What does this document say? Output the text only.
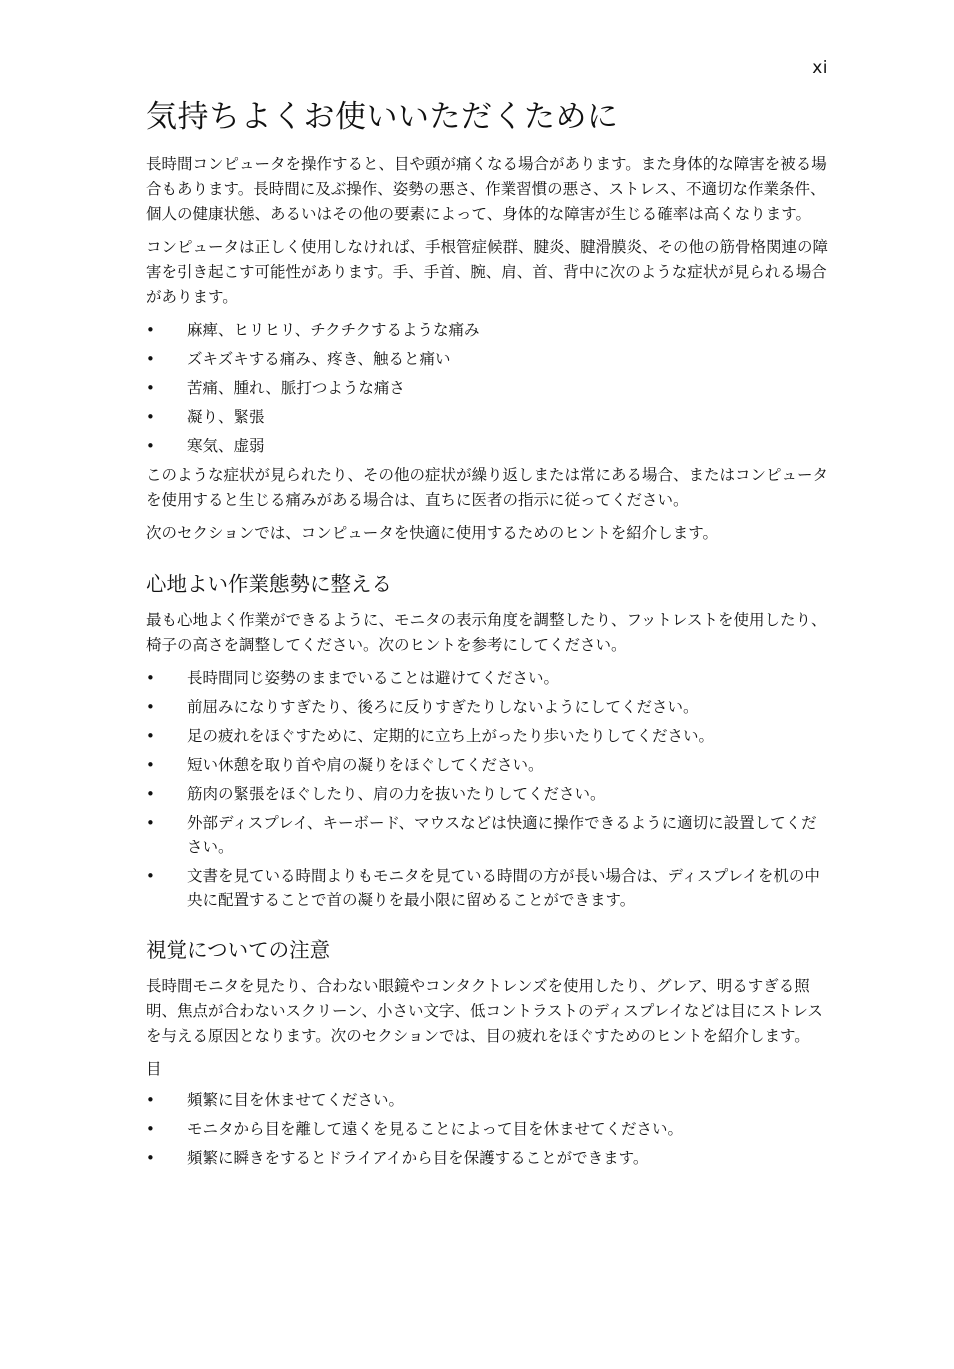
xi
気持ちよくお使いいただくために

長時間コンピュータを操作すると、目や頭が痛くなる場合があります。また身体的な障害を被る場合もあります。長時間に及ぶ操作、姿勢の悪さ、作業習慣の悪さ、ストレス、不適切な作業条件、個人の健康状態、あるいはその他の要素によって、身体的な障害が生じる確率は高くなります。

コンピュータは正しく使用しなければ、手根管症候群、腱炎、腱滑膜炎、その他の筋骨格関連の障害を引き起こす可能性があります。手、手首、腕、肩、首、背中に次のような症状が見られる場合があります。

• 麻痺、ヒリヒリ、チクチクするような痛み
• ズキズキする痛み、疼き、触ると痛い
• 苦痛、腫れ、脈打つような痛さ
• 凝り、緊張
• 寒気、虚弱

このような症状が見られたり、その他の症状が繰り返しまたは常にある場合、またはコンピュータを使用すると生じる痛みがある場合は、直ちに医者の指示に従ってください。

次のセクションでは、コンピュータを快適に使用するためのヒントを紹介します。

心地よい作業態勢に整える

最も心地よく作業ができるように、モニタの表示角度を調整したり、フットレストを使用したり、椅子の高さを調整してください。次のヒントを参考にしてください。

• 長時間同じ姿勢のままでいることは避けてください。
• 前屈みになりすぎたり、後ろに反りすぎたりしないようにしてください。
• 足の疲れをほぐすために、定期的に立ち上がったり歩いたりしてください。
• 短い休憩を取り首や肩の凝りをほぐしてください。
• 筋肉の緊張をほぐしたり、肩の力を抜いたりしてください。
• 外部ディスプレイ、キーボード、マウスなどは快適に操作できるように適切に設置してください。
• 文書を見ている時間よりもモニタを見ている時間の方が長い場合は、ディスプレイを机の中央に配置することで首の凝りを最小限に留めることができます。
視覚についての注意

長時間モニタを見たり、合わない眼鏡やコンタクトレンズを使用したり、グレア、明るすぎる照明、焦点が合わないスクリーン、小さい文字、低コントラストのディスプレイなどは目にストレスを与える原因となります。次のセクションでは、目の疲れをほぐすためのヒントを紹介します。

目

• 頻繁に目を休ませてください。
• モニタから目を離して遠くを見ることによって目を休ませてください。
• 頻繁に瞬きをするとドライアイから目を保護することができます。
